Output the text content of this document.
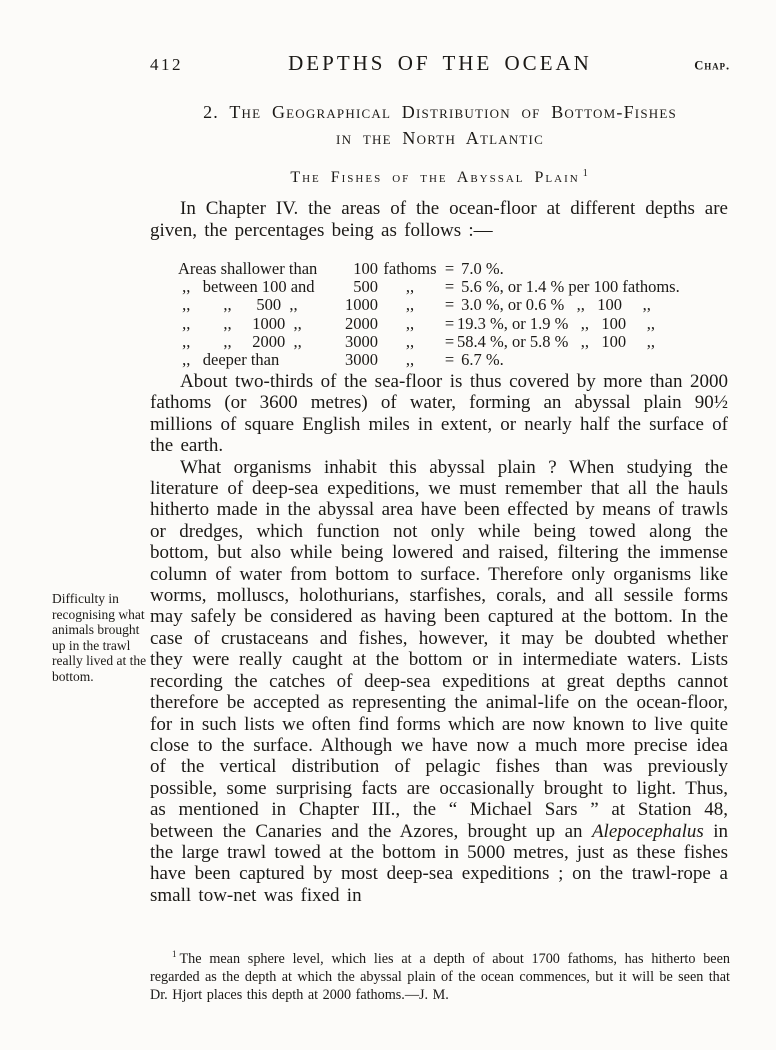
412	DEPTHS OF THE OCEAN	Chap.
2. The Geographical Distribution of Bottom-Fishes
in the North Atlantic
The Fishes of the Abyssal Plain $^1$

In Chapter IV. the areas of the ocean-floor at different depths are given, the percentages being as follows :—

Areas shallower than	100 fathoms = 7.0 %.
,,   between 100 and	500	,,	= 5.6 %, or 1.4 % per 100 fathoms.
,,        ,,      500  ,,	1000	,,	= 3.0 %, or 0.6 %   ,,   100     ,,
,,        ,,     1000  ,,	2000	,,	= 19.3 %, or 1.9 %   ,,   100     ,,
,,        ,,     2000  ,,	3000	,,	= 58.4 %, or 5.8 %   ,,   100     ,,
,,   deeper than	3000	,,	= 6.7 %.

About two-thirds of the sea-floor is thus covered by more than 2000 fathoms (or 3600 metres) of water, forming an abyssal plain 90½ millions of square English miles in extent, or nearly half the surface of the earth.

What organisms inhabit this abyssal plain ? When studying the literature of deep-sea expeditions, we must remember that all the hauls hitherto made in the abyssal area have been effected by means of trawls or dredges, which function not only while being towed along the bottom, but also while being lowered and raised, filtering the immense column of water from bottom to surface. Therefore only organisms like worms, molluscs, holothurians, starfishes, corals, and all sessile forms may safely be considered as having been captured at the bottom. In the case of crustaceans and fishes, however, it may be doubted whether they were really caught at the bottom or in intermediate waters. Lists recording the catches of deep-sea expeditions at great depths cannot therefore be accepted as representing the animal-life on the ocean-floor, for in such lists we often find forms which are now known to live quite close to the surface. Although we have now a much more precise idea of the vertical distribution of pelagic fishes than was previously possible, some surprising facts are occasionally brought to light. Thus, as mentioned in Chapter III., the “ Michael Sars ” at Station 48, between the Canaries and the Azores, brought up an Alepocephalus in the large trawl towed at the bottom in 5000 metres, just as these fishes have been captured by most deep-sea expeditions ; on the trawl-rope a small tow-net was fixed in

Difficulty in recognising what animals brought up in the trawl really lived at the bottom.

$^1$ The mean sphere level, which lies at a depth of about 1700 fathoms, has hitherto been regarded as the depth at which the abyssal plain of the ocean commences, but it will be seen that Dr. Hjort places this depth at 2000 fathoms.—J. M.
